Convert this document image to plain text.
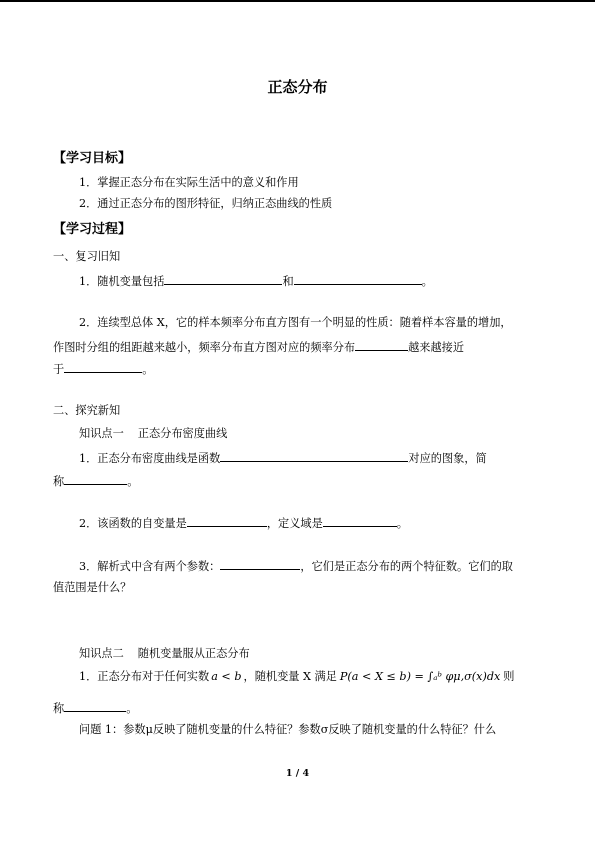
正态分布
【学习目标】
1．掌握正态分布在实际生活中的意义和作用
2．通过正态分布的图形特征，归纳正态曲线的性质
【学习过程】
一、复习旧知
1．随机变量包括	和	。
2．连续型总体 X，它的样本频率分布直方图有一个明显的性质：随着样本容量的增加，
作图时分组的组距越来越小，频率分布直方图对应的频率分布	越来越接近
于	。
二、探究新知
知识点一 正态分布密度曲线
1．正态分布密度曲线是函数	对应的图象，简
称	。
2．该函数的自变量是	，定义域是	。
3．解析式中含有两个参数：	，它们是正态分布的两个特征数。它们的取
值范围是什么？
知识点二 随机变量服从正态分布
1．正态分布对于任何实数 a < b ，随机变量 X 满足 P(a < X ≤ b) = ∫ₐᵇ φμ,σ(x)dx 则
称	。
问题 1：参数μ反映了随机变量的什么特征？参数σ反映了随机变量的什么特征？什么
1 / 4
